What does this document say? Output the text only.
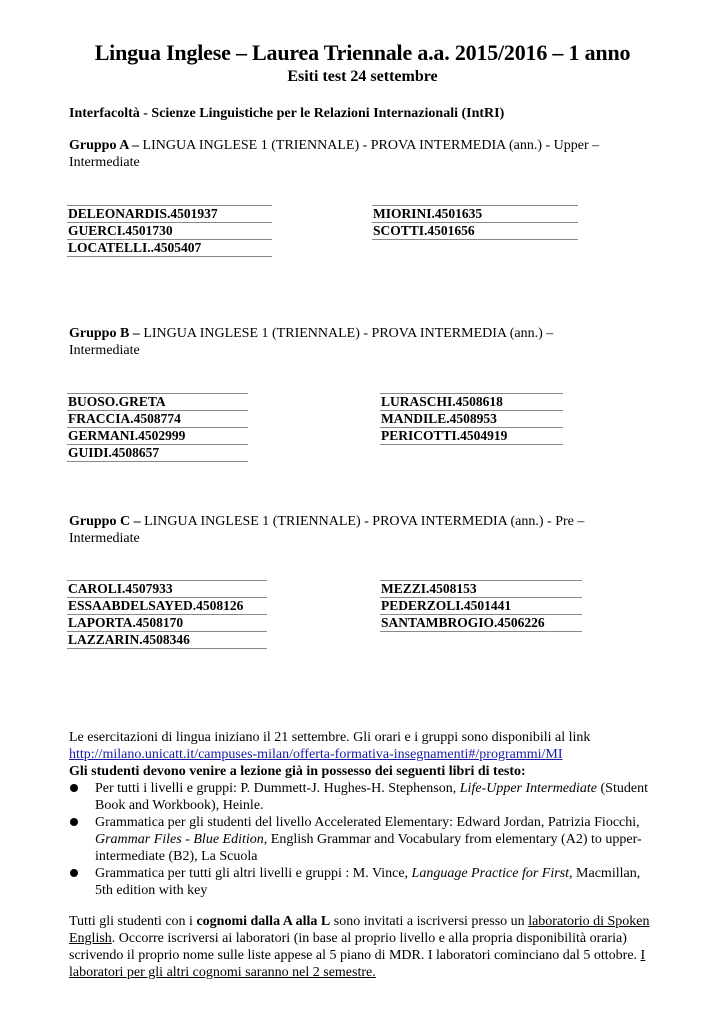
Lingua Inglese – Laurea Triennale a.a. 2015/2016 – 1 anno
Esiti test 24 settembre
Interfacoltà - Scienze Linguistiche per le Relazioni Internazionali (IntRI)
Gruppo A – LINGUA INGLESE 1 (TRIENNALE) - PROVA INTERMEDIA (ann.) - Upper –
Intermediate
DELEONARDIS.4501937
GUERCI.4501730
LOCATELLI..4505407
MIORINI.4501635
SCOTTI.4501656
Gruppo B – LINGUA INGLESE 1 (TRIENNALE) - PROVA INTERMEDIA (ann.) –
Intermediate
BUOSO.GRETA
FRACCIA.4508774
GERMANI.4502999
GUIDI.4508657
LURASCHI.4508618
MANDILE.4508953
PERICOTTI.4504919
Gruppo C – LINGUA INGLESE 1 (TRIENNALE) - PROVA INTERMEDIA (ann.) - Pre –
Intermediate
CAROLI.4507933
ESSAABDELSAYED.4508126
LAPORTA.4508170
LAZZARIN.4508346
MEZZI.4508153
PEDERZOLI.4501441
SANTAMBROGIO.4506226
Le esercitazioni di lingua iniziano il 21 settembre. Gli orari e i gruppi sono disponibili al link
http://milano.unicatt.it/campuses-milan/offerta-formativa-insegnamenti#/programmi/MI
Gli studenti devono venire a lezione già in possesso dei seguenti libri di testo:
Per tutti i livelli e gruppi: P. Dummett-J. Hughes-H. Stephenson, Life-Upper Intermediate (Student Book and Workbook), Heinle.
Grammatica per gli studenti del livello Accelerated Elementary: Edward Jordan, Patrizia Fiocchi, Grammar Files - Blue Edition, English Grammar and Vocabulary from elementary (A2) to upper-intermediate (B2), La Scuola
Grammatica per tutti gli altri livelli e gruppi : M. Vince, Language Practice for First, Macmillan, 5th edition with key
Tutti gli studenti con i cognomi dalla A alla L sono invitati a iscriversi presso un laboratorio di Spoken English. Occorre iscriversi ai laboratori (in base al proprio livello e alla propria disponibilità oraria) scrivendo il proprio nome sulle liste appese al 5 piano di MDR. I laboratori cominciano dal 5 ottobre. I laboratori per gli altri cognomi saranno nel 2 semestre.
